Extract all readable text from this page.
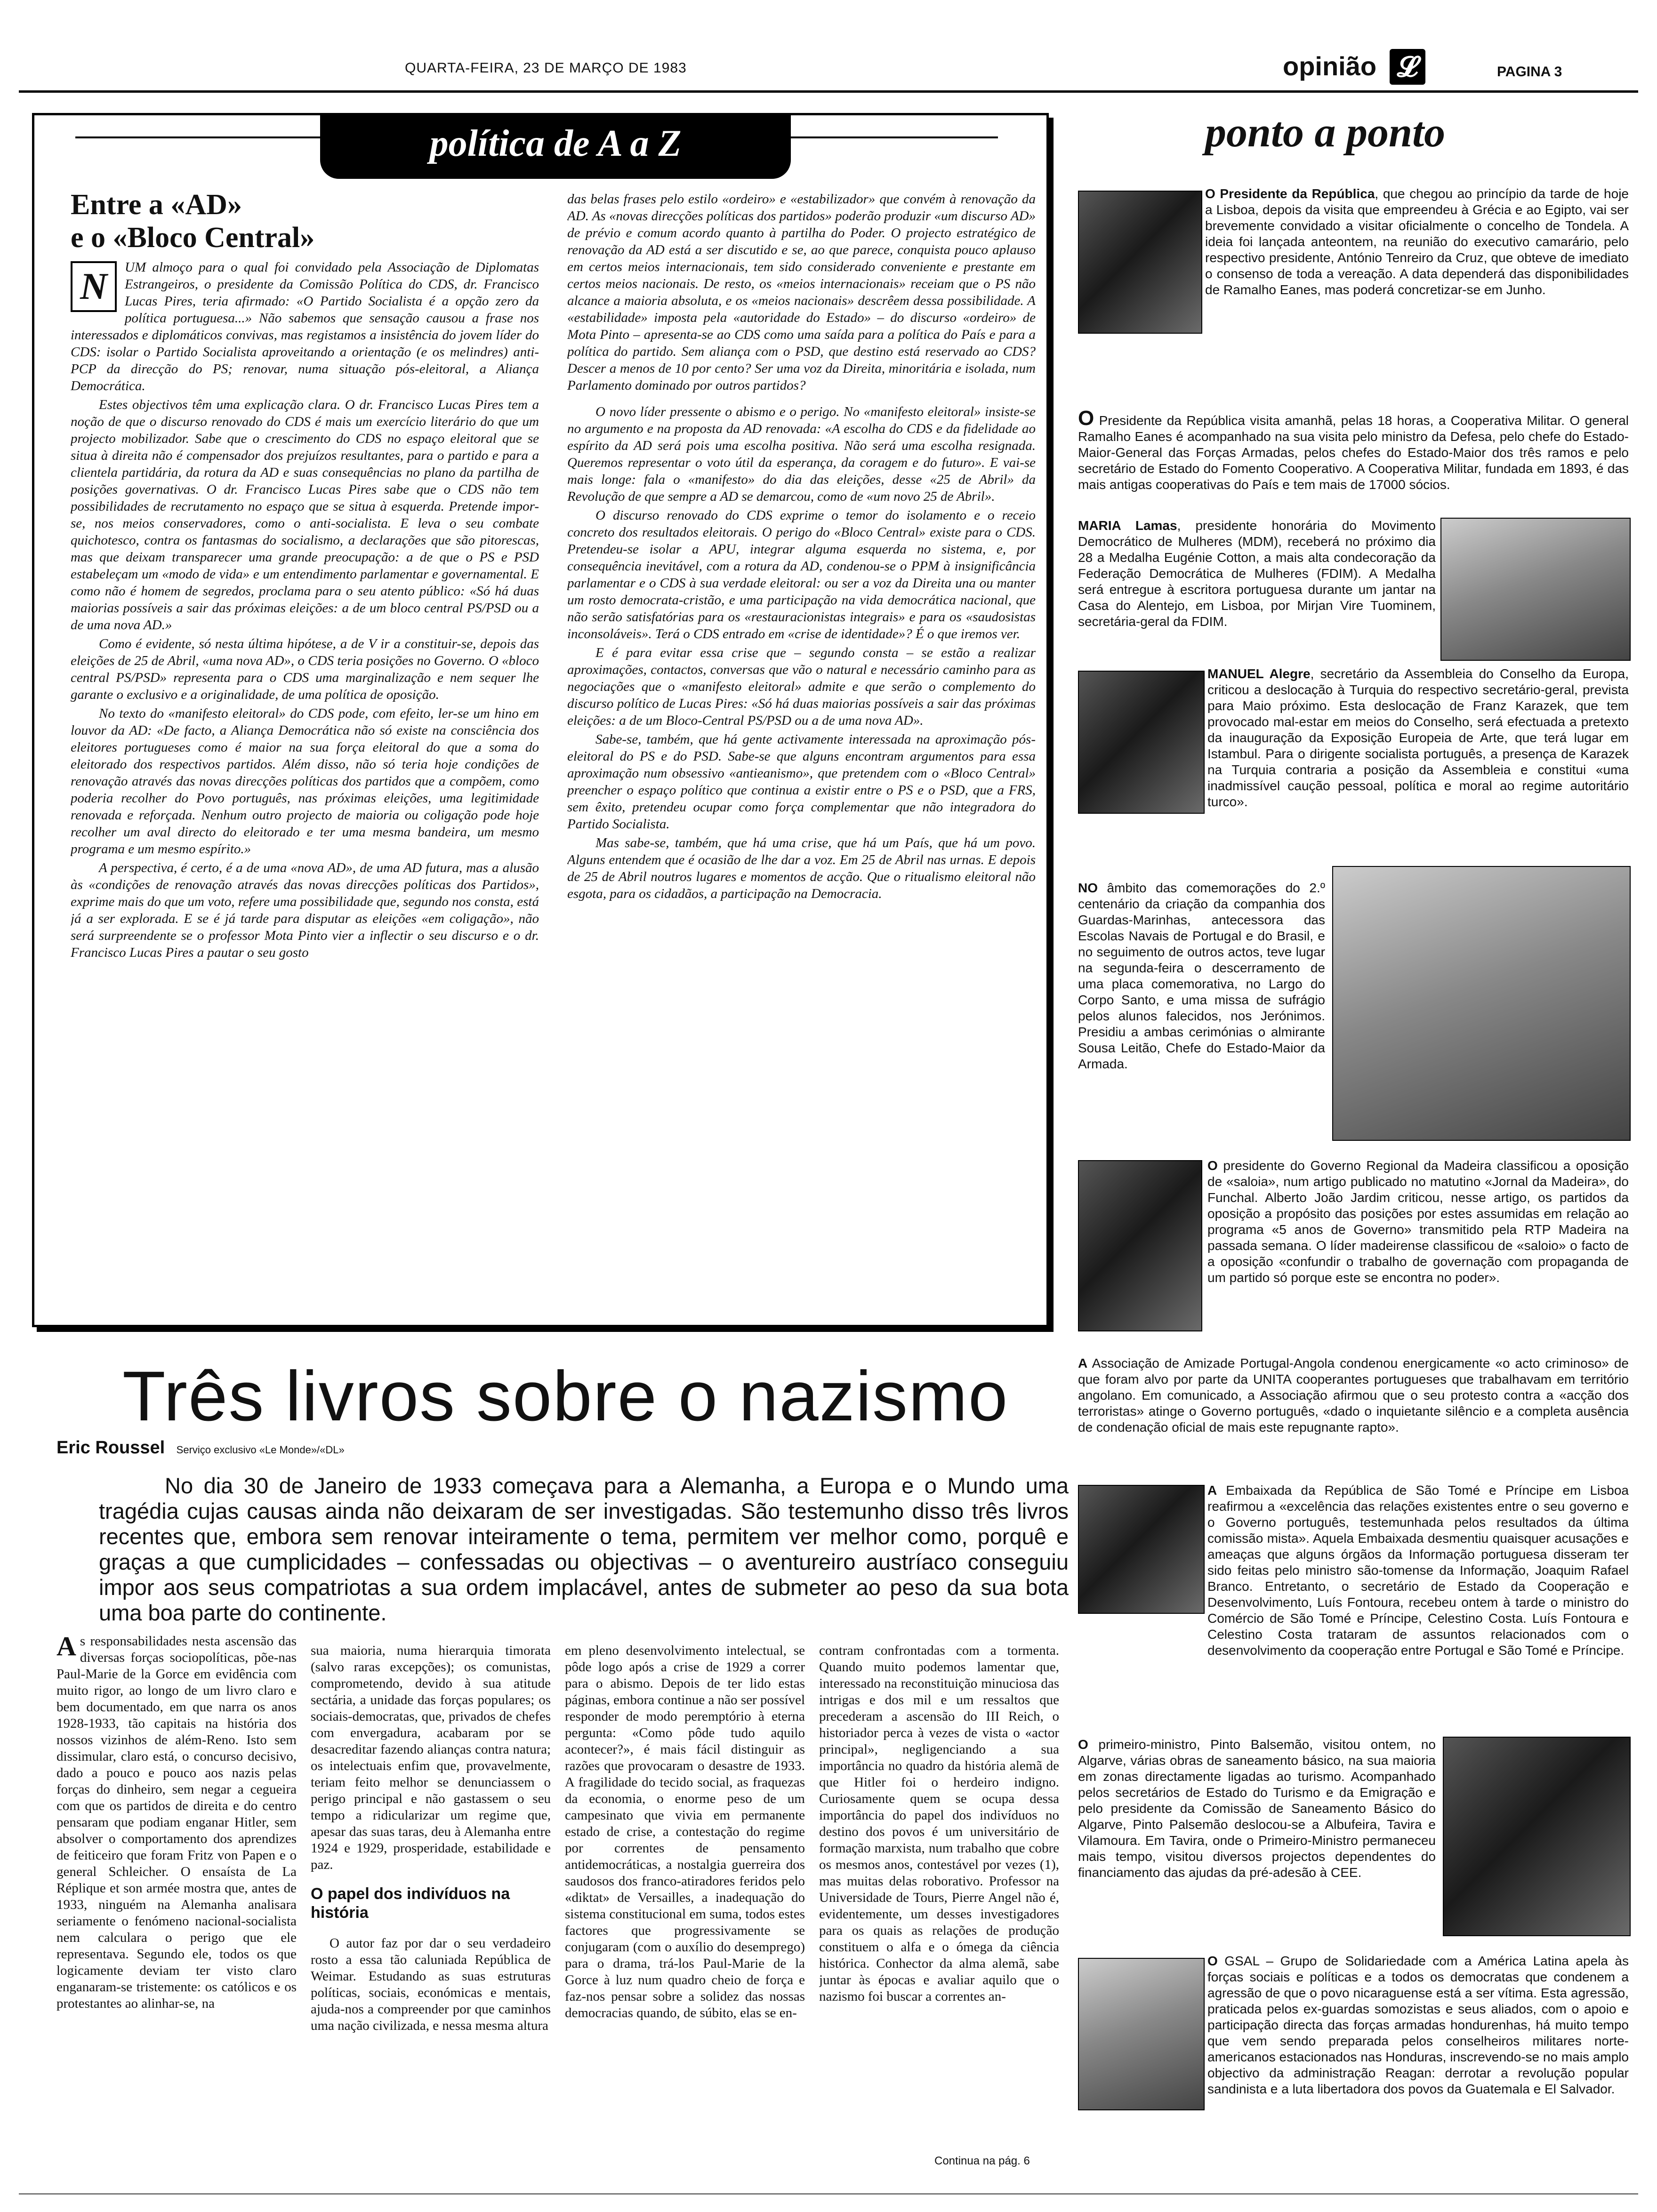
QUARTA-FEIRA, 23 DE MARÇO DE 1983	opinião 𝓛	PAGINA 3
política de A a Z
Entre a «AD»
e o «Bloco Central»
N	UM almoço para o qual foi convidado pela Associação de Diplomatas Estrangeiros, o presidente da Comissão Política do CDS, dr. Francisco Lucas Pires, teria afirmado: «O Partido Socialista é a opção zero da política portuguesa...» Não sabemos que sensação causou a frase nos interessados e diplomáticos convivas, mas registamos a insistência do jovem líder do CDS: isolar o Partido Socialista aproveitando a orientação (e os melindres) anti-PCP da direcção do PS; renovar, numa situação pós-eleitoral, a Aliança Democrática.

Estes objectivos têm uma explicação clara. O dr. Francisco Lucas Pires tem a noção de que o discurso renovado do CDS é mais um exercício literário do que um projecto mobilizador. Sabe que o crescimento do CDS no espaço eleitoral que se situa à direita não é compensador dos prejuízos resultantes, para o partido e para a clientela partidária, da rotura da AD e suas consequências no plano da partilha de posições governativas. O dr. Francisco Lucas Pires sabe que o CDS não tem possibilidades de recrutamento no espaço que se situa à esquerda. Pretende impor-se, nos meios conservadores, como o anti-socialista. E leva o seu combate quichotesco, contra os fantasmas do socialismo, a declarações que são pitorescas, mas que deixam transparecer uma grande preocupação: a de que o PS e PSD estabeleçam um «modo de vida» e um entendimento parlamentar e governamental. E como não é homem de segredos, proclama para o seu atento público: «Só há duas maiorias possíveis a sair das próximas eleições: a de um bloco central PS/PSD ou a de uma nova AD.»

Como é evidente, só nesta última hipótese, a de V ir a constituir-se, depois das eleições de 25 de Abril, «uma nova AD», o CDS teria posições no Governo. O «bloco central PS/PSD» representa para o CDS uma marginalização e nem sequer lhe garante o exclusivo e a originalidade, de uma política de oposição.

No texto do «manifesto eleitoral» do CDS pode, com efeito, ler-se um hino em louvor da AD: «De facto, a Aliança Democrática não só existe na consciência dos eleitores portugueses como é maior na sua força eleitoral do que a soma do eleitorado dos respectivos partidos. Além disso, não só teria hoje condições de renovação através das novas direcções políticas dos partidos que a compõem, como poderia recolher do Povo português, nas próximas eleições, uma legitimidade renovada e reforçada. Nenhum outro projecto de maioria ou coligação pode hoje recolher um aval directo do eleitorado e ter uma mesma bandeira, um mesmo programa e um mesmo espírito.»

A perspectiva, é certo, é a de uma «nova AD», de uma AD futura, mas a alusão às «condições de renovação através das novas direcções políticas dos Partidos», exprime mais do que um voto, refere uma possibilidade que, segundo nos consta, está já a ser explorada. E se é já tarde para disputar as eleições «em coligação», não será surpreendente se o professor Mota Pinto vier a inflectir o seu discurso e o dr. Francisco Lucas Pires a pautar o seu gosto

das belas frases pelo estilo «ordeiro» e «estabilizador» que convém à renovação da AD. As «novas direcções políticas dos partidos» poderão produzir «um discurso AD» de prévio e comum acordo quanto à partilha do Poder. O projecto estratégico de renovação da AD está a ser discutido e se, ao que parece, conquista pouco aplauso em certos meios internacionais, tem sido considerado conveniente e prestante em certos meios nacionais. De resto, os «meios internacionais» receiam que o PS não alcance a maioria absoluta, e os «meios nacionais» descrêem dessa possibilidade. A «estabilidade» imposta pela «autoridade do Estado» – do discurso «ordeiro» de Mota Pinto – apresenta-se ao CDS como uma saída para a política do País e para a política do partido. Sem aliança com o PSD, que destino está reservado ao CDS? Descer a menos de 10 por cento? Ser uma voz da Direita, minoritária e isolada, num Parlamento dominado por outros partidos?

O novo líder pressente o abismo e o perigo. No «manifesto eleitoral» insiste-se no argumento e na proposta da AD renovada: «A escolha do CDS e da fidelidade ao espírito da AD será pois uma escolha positiva. Não será uma escolha resignada. Queremos representar o voto útil da esperança, da coragem e do futuro». E vai-se mais longe: fala o «manifesto» do dia das eleições, desse «25 de Abril» da Revolução de que sempre a AD se demarcou, como de «um novo 25 de Abril».

O discurso renovado do CDS exprime o temor do isolamento e o receio concreto dos resultados eleitorais. O perigo do «Bloco Central» existe para o CDS. Pretendeu-se isolar a APU, integrar alguma esquerda no sistema, e, por consequência inevitável, com a rotura da AD, condenou-se o PPM à insignificância parlamentar e o CDS à sua verdade eleitoral: ou ser a voz da Direita una ou manter um rosto democrata-cristão, e uma participação na vida democrática nacional, que não serão satisfatórias para os «restauracionistas integrais» e para os «saudosistas inconsoláveis». Terá o CDS entrado em «crise de identidade»? É o que iremos ver.

E é para evitar essa crise que – segundo consta – se estão a realizar aproximações, contactos, conversas que vão o natural e necessário caminho para as negociações que o «manifesto eleitoral» admite e que serão o complemento do discurso político de Lucas Pires: «Só há duas maiorias possíveis a sair das próximas eleições: a de um Bloco-Central PS/PSD ou a de uma nova AD».

Sabe-se, também, que há gente activamente interessada na aproximação pós-eleitoral do PS e do PSD. Sabe-se que alguns encontram argumentos para essa aproximação num obsessivo «antieanismo», que pretendem com o «Bloco Central» preencher o espaço político que continua a existir entre o PS e o PSD, que a FRS, sem êxito, pretendeu ocupar como força complementar que não integradora do Partido Socialista.

Mas sabe-se, também, que há uma crise, que há um País, que há um povo. Alguns entendem que é ocasião de lhe dar a voz. Em 25 de Abril nas urnas. E depois de 25 de Abril noutros lugares e momentos de acção. Que o ritualismo eleitoral não esgota, para os cidadãos, a participação na Democracia.

ponto a ponto

O Presidente da República, que chegou ao princípio da tarde de hoje a Lisboa, depois da visita que empreendeu à Grécia e ao Egipto, vai ser brevemente convidado a visitar oficialmente o concelho de Tondela. A ideia foi lançada anteontem, na reunião do executivo camarário, pelo respectivo presidente, António Tenreiro da Cruz, que obteve de imediato o consenso de toda a vereação. A data dependerá das disponibilidades de Ramalho Eanes, mas poderá concretizar-se em Junho.

O Presidente da República visita amanhã, pelas 18 horas, a Cooperativa Militar. O general Ramalho Eanes é acompanhado na sua visita pelo ministro da Defesa, pelo chefe do Estado-Maior-General das Forças Armadas, pelos chefes do Estado-Maior dos três ramos e pelo secretário de Estado do Fomento Cooperativo. A Cooperativa Militar, fundada em 1893, é das mais antigas cooperativas do País e tem mais de 17000 sócios.

MARIA Lamas, presidente honorária do Movimento Democrático de Mulheres (MDM), receberá no próximo dia 28 a Medalha Eugénie Cotton, a mais alta condecoração da Federação Democrática de Mulheres (FDIM). A Medalha será entregue à escritora portuguesa durante um jantar na Casa do Alentejo, em Lisboa, por Mirjan Vire Tuominem, secretária-geral da FDIM.

MANUEL Alegre, secretário da Assembleia do Conselho da Europa, criticou a deslocação à Turquia do respectivo secretário-geral, prevista para Maio próximo. Esta deslocação de Franz Karazek, que tem provocado mal-estar em meios do Conselho, será efectuada a pretexto da inauguração da Exposição Europeia de Arte, que terá lugar em Istambul. Para o dirigente socialista português, a presença de Karazek na Turquia contraria a posição da Assembleia e constitui «uma inadmissível caução pessoal, política e moral ao regime autoritário turco».

NO âmbito das comemorações do 2.º centenário da criação da companhia dos Guardas-Marinhas, antecessora das Escolas Navais de Portugal e do Brasil, e no seguimento de outros actos, teve lugar na segunda-feira o descerramento de uma placa comemorativa, no Largo do Corpo Santo, e uma missa de sufrágio pelos alunos falecidos, nos Jerónimos. Presidiu a ambas cerimónias o almirante Sousa Leitão, Chefe do Estado-Maior da Armada.

O presidente do Governo Regional da Madeira classificou a oposição de «saloia», num artigo publicado no matutino «Jornal da Madeira», do Funchal. Alberto João Jardim criticou, nesse artigo, os partidos da oposição a propósito das posições por estes assumidas em relação ao programa «5 anos de Governo» transmitido pela RTP Madeira na passada semana. O líder madeirense classificou de «saloio» o facto de a oposição «confundir o trabalho de governação com propaganda de um partido só porque este se encontra no poder».

A Associação de Amizade Portugal-Angola condenou energicamente «o acto criminoso» de que foram alvo por parte da UNITA cooperantes portugueses que trabalhavam em território angolano. Em comunicado, a Associação afirmou que o seu protesto contra a «acção dos terroristas» atinge o Governo português, «dado o inquietante silêncio e a completa ausência de condenação oficial de mais este repugnante rapto».

A Embaixada da República de São Tomé e Príncipe em Lisboa reafirmou a «excelência das relações existentes entre o seu governo e o Governo português, testemunhada pelos resultados da última comissão mista». Aquela Embaixada desmentiu quaisquer acusações e ameaças que alguns órgãos da Informação portuguesa disseram ter sido feitas pelo ministro são-tomense da Informação, Joaquim Rafael Branco. Entretanto, o secretário de Estado da Cooperação e Desenvolvimento, Luís Fontoura, recebeu ontem à tarde o ministro do Comércio de São Tomé e Príncipe, Celestino Costa. Luís Fontoura e Celestino Costa trataram de assuntos relacionados com o desenvolvimento da cooperação entre Portugal e São Tomé e Príncipe.

O primeiro-ministro, Pinto Balsemão, visitou ontem, no Algarve, várias obras de saneamento básico, na sua maioria em zonas directamente ligadas ao turismo. Acompanhado pelos secretários de Estado do Turismo e da Emigração e pelo presidente da Comissão de Saneamento Básico do Algarve, Pinto Palsemão deslocou-se a Albufeira, Tavira e Vilamoura. Em Tavira, onde o Primeiro-Ministro permaneceu mais tempo, visitou diversos projectos dependentes do financiamento das ajudas da pré-adesão à CEE.

O GSAL – Grupo de Solidariedade com a América Latina apela às forças sociais e políticas e a todos os democratas que condenem a agressão de que o povo nicaraguense está a ser vítima. Esta agressão, praticada pelos ex-guardas somozistas e seus aliados, com o apoio e participação directa das forças armadas hondurenhas, há muito tempo que vem sendo preparada pelos conselheiros militares norte-americanos estacionados nas Honduras, inscrevendo-se no mais amplo objectivo da administração Reagan: derrotar a revolução popular sandinista e a luta libertadora dos povos da Guatemala e El Salvador.

Três livros sobre o nazismo
Eric Roussel Serviço exclusivo «Le Monde»/«DL»
No dia 30 de Janeiro de 1933 começava para a Alemanha, a Europa e o Mundo uma tragédia cujas causas ainda não deixaram de ser investigadas. São testemunho disso três livros recentes que, embora sem renovar inteiramente o tema, permitem ver melhor como, porquê e graças a que cumplicidades – confessadas ou objectivas – o aventureiro austríaco conseguiu impor aos seus compatriotas a sua ordem implacável, antes de submeter ao peso da sua bota uma boa parte do continente.

As responsabilidades nesta ascensão das diversas forças sociopolíticas, põe-nas Paul-Marie de la Gorce em evidência com muito rigor, ao longo de um livro claro e bem documentado, em que narra os anos 1928-1933, tão capitais na história dos nossos vizinhos de além-Reno. Isto sem dissimular, claro está, o concurso decisivo, dado a pouco e pouco aos nazis pelas forças do dinheiro, sem negar a cegueira com que os partidos de direita e do centro pensaram que podiam enganar Hitler, sem absolver o comportamento dos aprendizes de feiticeiro que foram Fritz von Papen e o general Schleicher. O ensaísta de La Réplique et son armée mostra que, antes de 1933, ninguém na Alemanha analisara seriamente o fenómeno nacional-socialista nem calculara o perigo que ele representava. Segundo ele, todos os que logicamente deviam ter visto claro enganaram-se tristemente: os católicos e os protestantes ao alinhar-se, na

sua maioria, numa hierarquia timorata (salvo raras excepções); os comunistas, comprometendo, devido à sua atitude sectária, a unidade das forças populares; os sociais-democratas, que, privados de chefes com envergadura, acabaram por se desacreditar fazendo alianças contra natura; os intelectuais enfim que, provavelmente, teriam feito melhor se denunciassem o perigo principal e não gastassem o seu tempo a ridicularizar um regime que, apesar das suas taras, deu à Alemanha entre 1924 e 1929, prosperidade, estabilidade e paz.

O papel dos indivíduos na história

O autor faz por dar o seu verdadeiro rosto a essa tão caluniada República de Weimar. Estudando as suas estruturas políticas, sociais, económicas e mentais, ajuda-nos a compreender por que caminhos uma nação civilizada, e nessa mesma altura

em pleno desenvolvimento intelectual, se pôde logo após a crise de 1929 a correr para o abismo. Depois de ter lido estas páginas, embora continue a não ser possível responder de modo peremptório à eterna pergunta: «Como pôde tudo aquilo acontecer?», é mais fácil distinguir as razões que provocaram o desastre de 1933. A fragilidade do tecido social, as fraquezas da economia, o enorme peso de um campesinato que vivia em permanente estado de crise, a contestação do regime por correntes de pensamento antidemocráticas, a nostalgia guerreira dos saudosos dos franco-atiradores feridos pelo «diktat» de Versailles, a inadequação do sistema constitucional em suma, todos estes factores que progressivamente se conjugaram (com o auxílio do desemprego) para o drama, trá-los Paul-Marie de la Gorce à luz num quadro cheio de força e faz-nos pensar sobre a solidez das nossas democracias quando, de súbito, elas se en-

contram confrontadas com a tormenta. Quando muito podemos lamentar que, interessado na reconstituição minuciosa das intrigas e dos mil e um ressaltos que precederam a ascensão do III Reich, o historiador perca à vezes de vista o «actor principal», negligenciando a sua importância no quadro da história alemã de que Hitler foi o herdeiro indigno. Curiosamente quem se ocupa dessa importância do papel dos indivíduos no destino dos povos é um universitário de formação marxista, num trabalho que cobre os mesmos anos, contestável por vezes (1), mas muitas delas roborativo. Professor na Universidade de Tours, Pierre Angel não é, evidentemente, um desses investigadores para os quais as relações de produção constituem o alfa e o ómega da ciência histórica. Conhector da alma alemã, sabe juntar às épocas e avaliar aquilo que o nazismo foi buscar a correntes an-

Continua na pág. 6
